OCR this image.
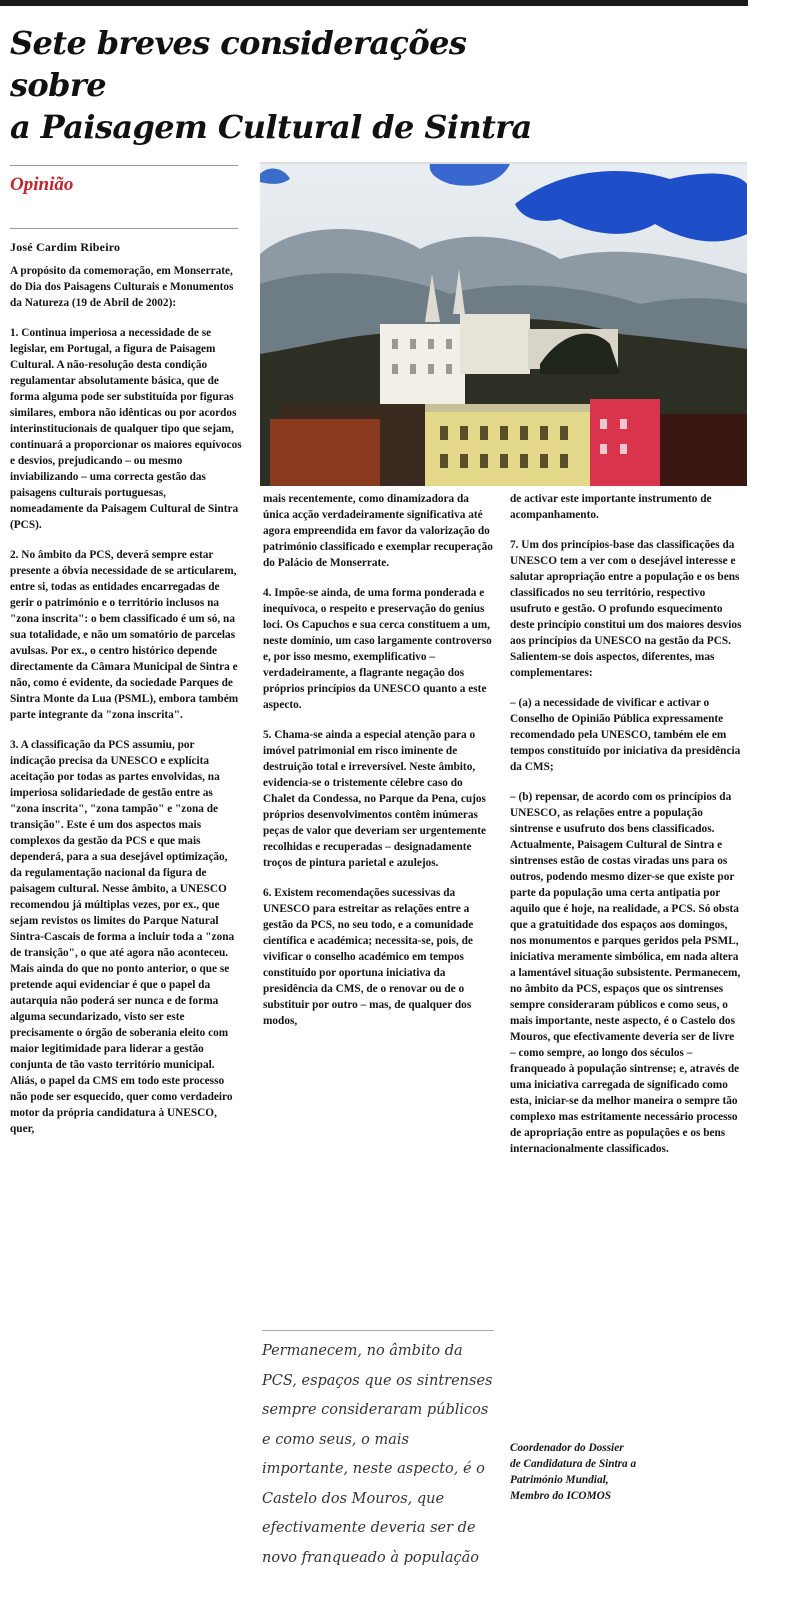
Sete breves considerações sobre
a Paisagem Cultural de Sintra
Opinião
José Cardim Ribeiro

A propósito da comemoração, em Monserrate, do Dia dos Paisagens Culturais e Monumentos da Natureza (19 de Abril de 2002):

1. Continua imperiosa a necessidade de se legislar, em Portugal, a figura de Paisagem Cultural. A não-resolução desta condição regulamentar absolutamente básica, que de forma alguma pode ser substituída por figuras similares, embora não idênticas ou por acordos interinstitucionais de qualquer tipo que sejam, continuará a proporcionar os maiores equívocos e desvios, prejudicando – ou mesmo inviabilizando – uma correcta gestão das paisagens culturais portuguesas, nomeadamente da Paisagem Cultural de Sintra (PCS).

2. No âmbito da PCS, deverá sempre estar presente a óbvia necessidade de se articularem, entre si, todas as entidades encarregadas de gerir o património e o território inclusos na "zona inscrita": o bem classificado é um só, na sua totalidade, e não um somatório de parcelas avulsas. Por ex., o centro histórico depende directamente da Câmara Municipal de Sintra e não, como é evidente, da sociedade Parques de Sintra Monte da Lua (PSML), embora também parte integrante da "zona inscrita".

3. A classificação da PCS assumiu, por indicação precisa da UNESCO e explícita aceitação por todas as partes envolvidas, na imperiosa solidariedade de gestão entre as "zona inscrita", "zona tampão" e "zona de transição". Este é um dos aspectos mais complexos da gestão da PCS e que mais dependerá, para a sua desejável optimização, da regulamentação nacional da figura de paisagem cultural. Nesse âmbito, a UNESCO recomendou já múltiplas vezes, por ex., que sejam revistos os limites do Parque Natural Sintra-Cascais de forma a incluir toda a "zona de transição", o que até agora não aconteceu. Mais ainda do que no ponto anterior, o que se pretende aqui evidenciar é que o papel da autarquia não poderá ser nunca e de forma alguma secundarizado, visto ser este precisamente o órgão de soberania eleito com maior legitimidade para liderar a gestão conjunta de tão vasto território municipal. Aliás, o papel da CMS em todo este processo não pode ser esquecido, quer como verdadeiro motor da própria candidatura à UNESCO, quer,

mais recentemente, como dinamizadora da única acção verdadeiramente significativa até agora empreendida em favor da valorização do património classificado e exemplar recuperação do Palácio de Monserrate.

4. Impõe-se ainda, de uma forma ponderada e inequívoca, o respeito e preservação do genius loci. Os Capuchos e sua cerca constituem a um, neste domínio, um caso largamente controverso e, por isso mesmo, exemplificativo – verdadeiramente, a flagrante negação dos próprios princípios da UNESCO quanto a este aspecto.

5. Chama-se ainda a especial atenção para o imóvel patrimonial em risco iminente de destruição total e irreversível. Neste âmbito, evidencia-se o tristemente célebre caso do Chalet da Condessa, no Parque da Pena, cujos próprios desenvolvimentos contêm inúmeras peças de valor que deveriam ser urgentemente recolhidas e recuperadas – designadamente troços de pintura parietal e azulejos.

6. Existem recomendações sucessivas da UNESCO para estreitar as relações entre a gestão da PCS, no seu todo, e a comunidade científica e académica; necessita-se, pois, de vivificar o conselho académico em tempos constituído por oportuna iniciativa da presidência da CMS, de o renovar ou de o substituir por outro – mas, de qualquer dos modos,

Permanecem, no âmbito da PCS, espaços que os sintrenses sempre consideraram públicos e como seus, o mais importante, neste aspecto, é o Castelo dos Mouros, que efectivamente deveria ser de novo franqueado à população

de activar este importante instrumento de acompanhamento.

7. Um dos princípios-base das classificações da UNESCO tem a ver com o desejável interesse e salutar apropriação entre a população e os bens classificados no seu território, respectivo usufruto e gestão. O profundo esquecimento deste princípio constitui um dos maiores desvios aos princípios da UNESCO na gestão da PCS. Salientem-se dois aspectos, diferentes, mas complementares:

– (a) a necessidade de vivificar e activar o Conselho de Opinião Pública expressamente recomendado pela UNESCO, também ele em tempos constituído por iniciativa da presidência da CMS;

– (b) repensar, de acordo com os princípios da UNESCO, as relações entre a população sintrense e usufruto dos bens classificados. Actualmente, Paisagem Cultural de Sintra e sintrenses estão de costas viradas uns para os outros, podendo mesmo dizer-se que existe por parte da população uma certa antipatia por aquilo que é hoje, na realidade, a PCS. Só obsta que a gratuitidade dos espaços aos domingos, nos monumentos e parques geridos pela PSML, iniciativa meramente simbólica, em nada altera a lamentável situação subsistente. Permanecem, no âmbito da PCS, espaços que os sintrenses sempre consideraram públicos e como seus, o mais importante, neste aspecto, é o Castelo dos Mouros, que efectivamente deveria ser de livre – como sempre, ao longo dos séculos – franqueado à população sintrense; e, através de uma iniciativa carregada de significado como esta, iniciar-se da melhor maneira o sempre tão complexo mas estritamente necessário processo de apropriação entre as populações e os bens internacionalmente classificados.

Coordenador do Dossier

de Candidatura de Sintra a

Património Mundial,

Membro do ICOMOS
